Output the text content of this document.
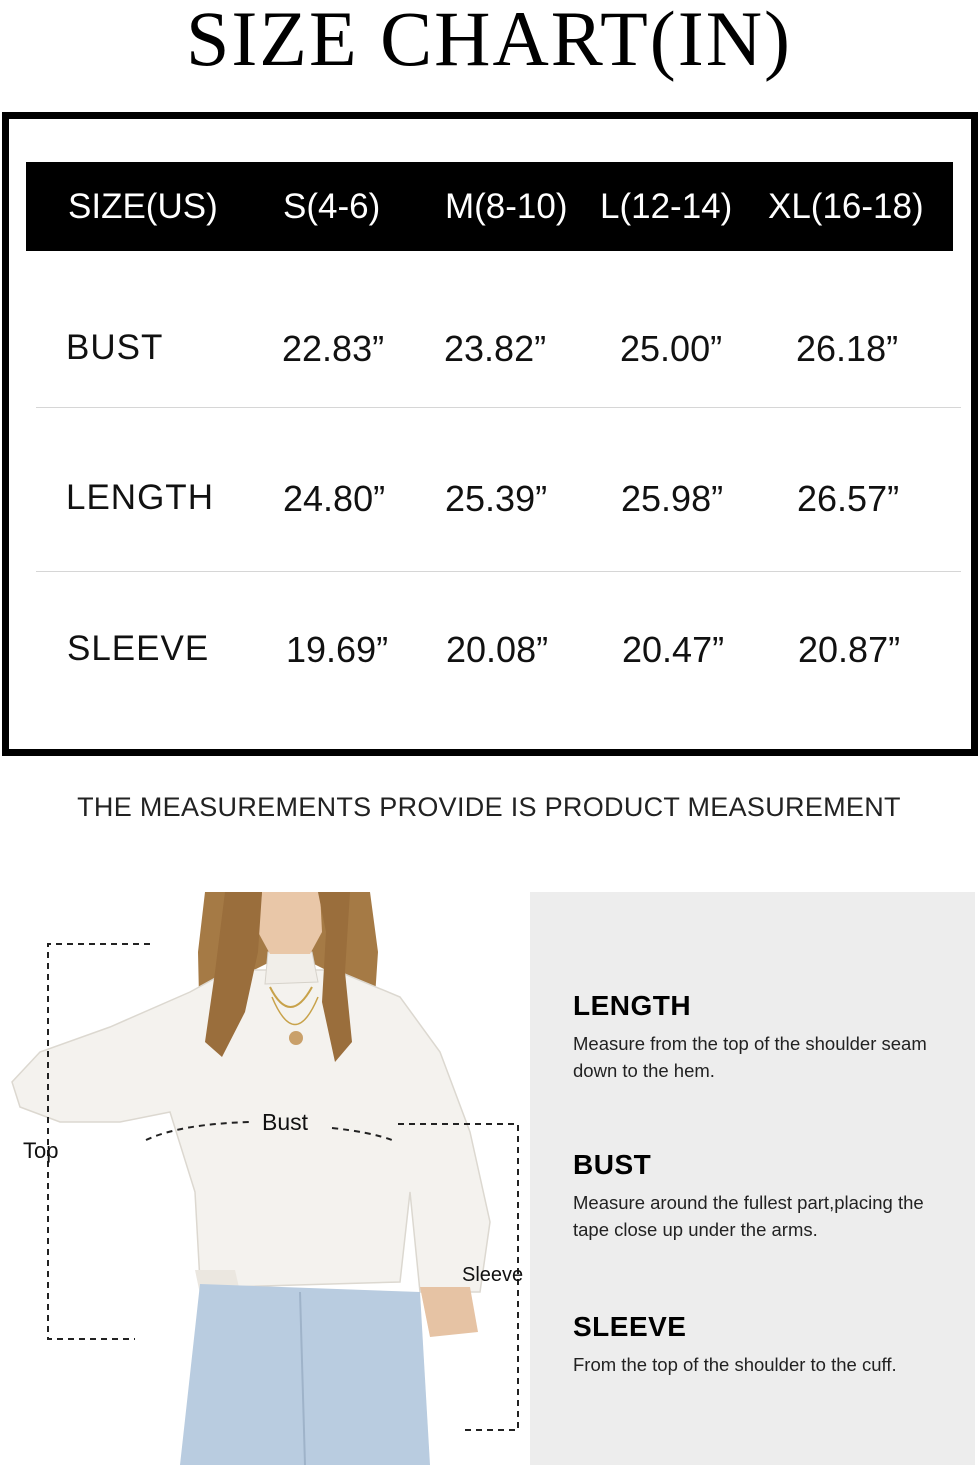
SIZE CHART(IN)
SIZE(US) S(4-6) M(8-10) L(12-14) XL(16-18)
BUST	22.83” 23.82” 25.00” 26.18”
LENGTH 24.80” 25.39” 25.98” 26.57”
SLEEVE 19.69” 20.08” 20.47” 20.87”
THE MEASUREMENTS PROVIDE IS PRODUCT MEASUREMENT
Top
Bust
Sleeve
LENGTH
Measure from the top of the shoulder seam down to the hem.
BUST
Measure around the fullest part,placing the tape close up under the arms.
SLEEVE
From the top of the shoulder to the cuff.
